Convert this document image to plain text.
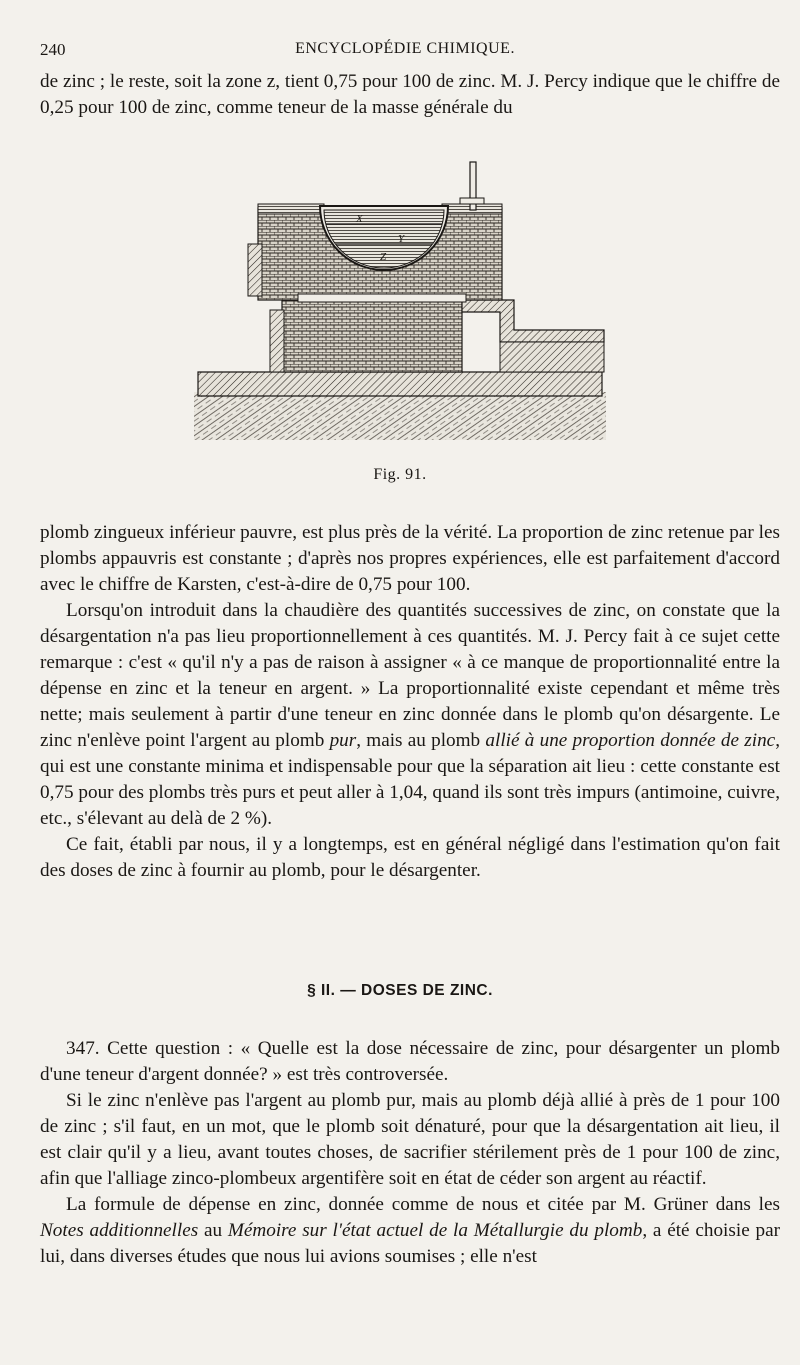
240	ENCYCLOPÉDIE CHIMIQUE.

de zinc ; le reste, soit la zone z, tient 0,75 pour 100 de zinc. M. J. Percy indique que le chiffre de 0,25 pour 100 de zinc, comme teneur de la masse générale du

X
Y
Z
Fig. 91.

plomb zingueux inférieur pauvre, est plus près de la vérité. La proportion de zinc retenue par les plombs appauvris est constante ; d'après nos propres expériences, elle est parfaitement d'accord avec le chiffre de Karsten, c'est-à-dire de 0,75 pour 100.

Lorsqu'on introduit dans la chaudière des quantités successives de zinc, on constate que la désargentation n'a pas lieu proportionnellement à ces quantités. M. J. Percy fait à ce sujet cette remarque : c'est « qu'il n'y a pas de raison à assigner « à ce manque de proportionnalité entre la dépense en zinc et la teneur en argent. » La proportionnalité existe cependant et même très nette; mais seulement à partir d'une teneur en zinc donnée dans le plomb qu'on désargente. Le zinc n'enlève point l'argent au plomb pur, mais au plomb allié à une proportion donnée de zinc, qui est une constante minima et indispensable pour que la séparation ait lieu : cette constante est 0,75 pour des plombs très purs et peut aller à 1,04, quand ils sont très impurs (antimoine, cuivre, etc., s'élevant au delà de 2 %).

Ce fait, établi par nous, il y a longtemps, est en général négligé dans l'estimation qu'on fait des doses de zinc à fournir au plomb, pour le désargenter.

§ II. — DOSES DE ZINC.

347. Cette question : « Quelle est la dose nécessaire de zinc, pour désargenter un plomb d'une teneur d'argent donnée? » est très controversée.

Si le zinc n'enlève pas l'argent au plomb pur, mais au plomb déjà allié à près de 1 pour 100 de zinc ; s'il faut, en un mot, que le plomb soit dénaturé, pour que la désargentation ait lieu, il est clair qu'il y a lieu, avant toutes choses, de sacrifier stérilement près de 1 pour 100 de zinc, afin que l'alliage zinco-plombeux argentifère soit en état de céder son argent au réactif.

La formule de dépense en zinc, donnée comme de nous et citée par M. Grüner dans les Notes additionnelles au Mémoire sur l'état actuel de la Métallurgie du plomb, a été choisie par lui, dans diverses études que nous lui avions soumises ; elle n'est
